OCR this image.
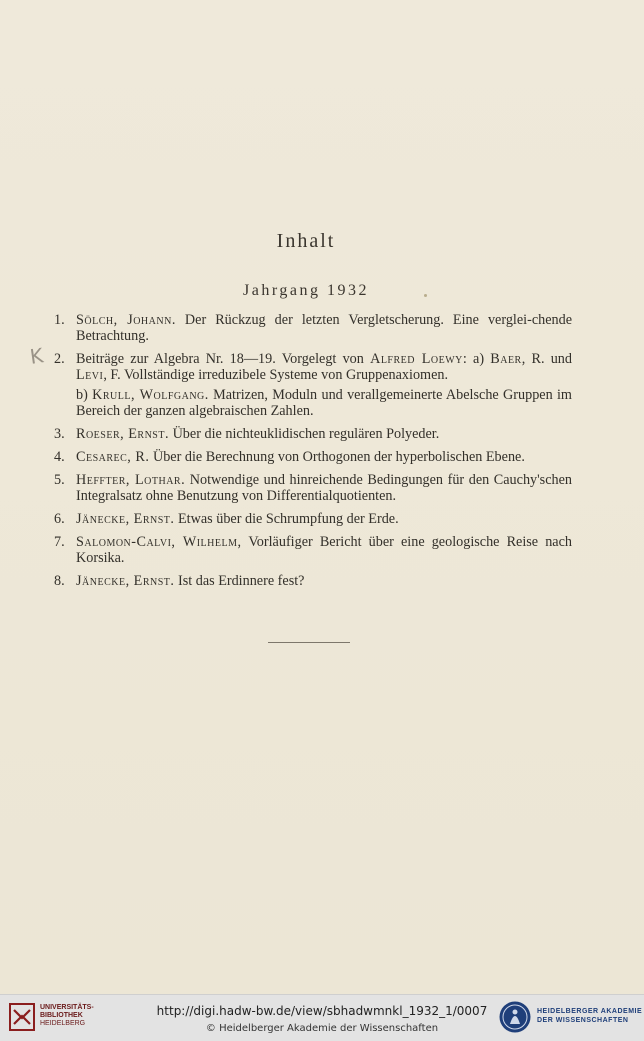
Inhalt
Jahrgang 1932
K
1. Sölch, Johann. Der Rückzug der letzten Vergletscherung. Eine verglei-chende Betrachtung.

2. Beiträge zur Algebra Nr. 18—19. Vorgelegt von Alfred Loewy: a) Baer, R. und Levi, F. Vollständige irreduzibele Systeme von Gruppenaxiomen.

b) Krull, Wolfgang. Matrizen, Moduln und verallgemeinerte Abelsche Gruppen im Bereich der ganzen algebraischen Zahlen.

3. Roeser, Ernst. Über die nichteuklidischen regulären Polyeder.

4. Cesarec, R. Über die Berechnung von Orthogonen der hyperbolischen Ebene.

5. Heffter, Lothar. Notwendige und hinreichende Bedingungen für den Cauchy'schen Integralsatz ohne Benutzung von Differentialquotienten.

6. Jänecke, Ernst. Etwas über die Schrumpfung der Erde.

7. Salomon-Calvi, Wilhelm, Vorläufiger Bericht über eine geologische Reise nach Korsika.

8. Jänecke, Ernst. Ist das Erdinnere fest?

UNIVERSITÄTS-
BIBLIOTHEK
HEIDELBERG
http://digi.hadw-bw.de/view/sbhadwmnkl_1932_1/0007
© Heidelberger Akademie der Wissenschaften
HEIDELBERGER AKADEMIE
DER WISSENSCHAFTEN
